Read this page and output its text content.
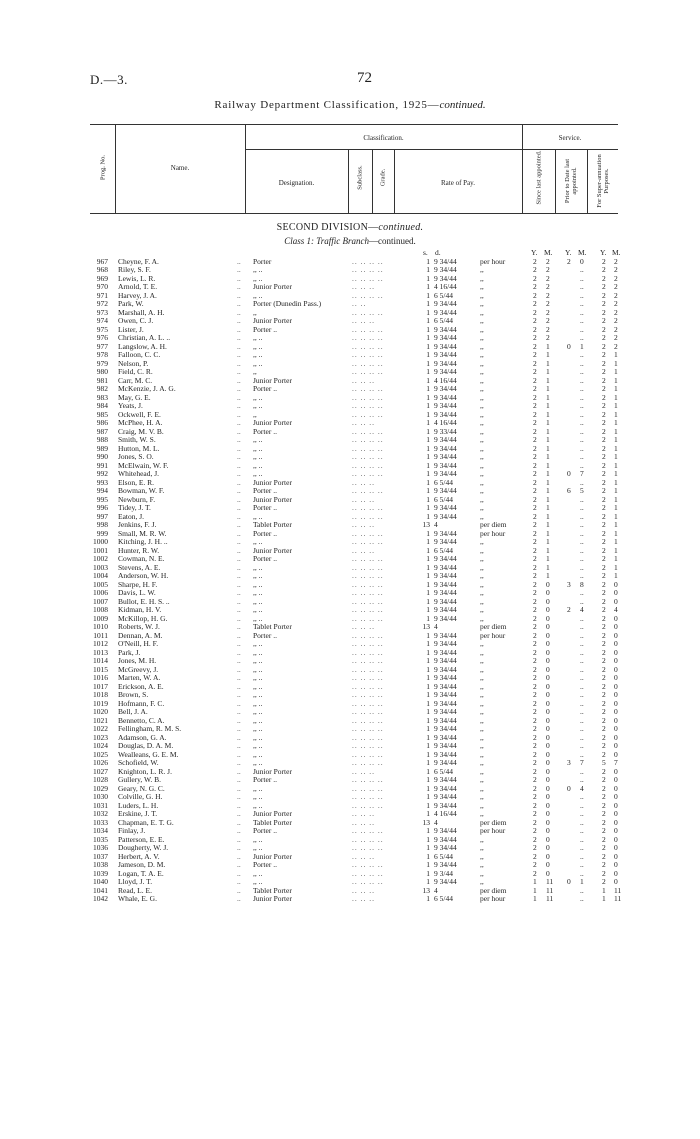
D.—3.	72
Railway Department Classification, 1925—continued.
Prog. No.	Name.
Classification.	Service.
Designation.	Subclass. Grade.	Rate of Pay.	Since last appointed.	Prior to Date last appointed.	For Super-annuation Purposes.
SECOND DIVISION—continued.
Class 1: Traffic Branch—continued.
s. d.	Y. M. Y. M. Y. M.
967 Cheyne, F. A.	.. Porter	.. .. .. ..	1 9 34/44	per hour	2 2 2 0 2 2
968 Riley, S. F.	.. ,, ..	.. .. .. ..	1 9 34/44	,,	2 2	.. 2 2
969 Lewis, L. R.	.. ,, ..	.. .. .. ..	1 9 34/44	,,	2 2	.. 2 2
970 Arnold, T. E.	.. Junior Porter	.. .. ..	1 4 16/44	,,	2 2	.. 2 2
971 Harvey, J. A.	.. ,, ..	.. .. .. ..	1 6 5/44	,,	2 2	.. 2 2
972 Park, W.	.. Porter (Dunedin Pass.)	.. ..	1 9 34/44	,,	2 2	.. 2 2
973 Marshall, A. H.	.. ,,	.. .. .. ..	1 9 34/44	,,	2 2	.. 2 2
974 Owen, C. J.	.. Junior Porter	.. .. ..	1 6 5/44	,,	2 2	.. 2 2
975 Lister, J.	.. Porter ..	.. .. .. ..	1 9 34/44	,,	2 2	.. 2 2
976 Christian, A. L. ..	.. ,, ..	.. .. .. ..	1 9 34/44	,,	2 2	.. 2 2
977 Langslow, A. H.	.. ,, ..	.. .. .. ..	1 9 34/44	,,	2 1 0 1 2 2
978 Falloon, C. C.	.. ,, ..	.. .. .. ..	1 9 34/44	,,	2 1	.. 2 1
979 Nelson, P.	.. ,, ..	.. .. .. ..	1 9 34/44	,,	2 1	.. 2 1
980 Field, C. R.	.. ,,	.. .. .. ..	1 9 34/44	,,	2 1	.. 2 1
981 Carr, M. C.	.. Junior Porter	.. .. ..	1 4 16/44	,,	2 1	.. 2 1
982 McKenzie, J. A. G.	.. Porter ..	.. .. .. ..	1 9 34/44	,,	2 1	.. 2 1
983 May, G. E.	.. ,, ..	.. .. .. ..	1 9 34/44	,,	2 1	.. 2 1
984 Yeats, J.	.. ,, ..	.. .. .. ..	1 9 34/44	,,	2 1	.. 2 1
985 Ockwell, F. E.	.. ,,	.. .. .. ..	1 9 34/44	,,	2 1	.. 2 1
986 McPhee, H. A.	.. Junior Porter	.. .. ..	1 4 16/44	,,	2 1	.. 2 1
987 Craig, M. V. B.	.. Porter ..	.. .. .. ..	1 9 33/44	,,	2 1	.. 2 1
988 Smith, W. S.	.. ,, ..	.. .. .. ..	1 9 34/44	,,	2 1	.. 2 1
989 Hutton, M. L.	.. ,, ..	.. .. .. ..	1 9 34/44	,,	2 1	.. 2 1
990 Jones, S. O.	.. ,, ..	.. .. .. ..	1 9 34/44	,,	2 1	.. 2 1
991 McElwain, W. F.	.. ,, ..	.. .. .. ..	1 9 34/44	,,	2 1	.. 2 1
992 Whitehead, J.	.. ,, ..	.. .. .. ..	1 9 34/44	,,	2 1 0 7 2 1
993 Elson, E. R.	.. Junior Porter	.. .. ..	1 6 5/44	,,	2 1	.. 2 1
994 Bowman, W. F.	.. Porter ..	.. .. .. ..	1 9 34/44	,,	2 1 6 5 2 1
995 Newburn, F.	.. Junior Porter	.. .. ..	1 6 5/44	,,	2 1	.. 2 1
996 Tidey, J. T.	.. Porter ..	.. .. .. ..	1 9 34/44	,,	2 1	.. 2 1
997 Eaton, J.	.. ,, ..	.. .. .. ..	1 9 34/44	,,	2 1	.. 2 1
998 Jenkins, F. J.	.. Tablet Porter	.. .. ..	13 4	per diem	2 1	.. 2 1
999 Small, M. R. W.	.. Porter ..	.. .. .. ..	1 9 34/44	per hour	2 1	.. 2 1
1000 Kitching, J. H. ..	.. ,, ..	.. .. .. ..	1 9 34/44	,,	2 1	.. 2 1
1001 Hunter, R. W.	.. Junior Porter	.. .. ..	1 6 5/44	,,	2 1	.. 2 1
1002 Cowman, N. E.	.. Porter ..	.. .. .. ..	1 9 34/44	,,	2 1	.. 2 1
1003 Stevens, A. E.	.. ,, ..	.. .. .. ..	1 9 34/44	,,	2 1	.. 2 1
1004 Anderson, W. H.	.. ,, ..	.. .. .. ..	1 9 34/44	,,	2 1	.. 2 1
1005 Sharpe, H. F.	.. ,, ..	.. .. .. ..	1 9 34/44	,,	2 0 3 8 2 0
1006 Davis, L. W.	.. ,, ..	.. .. .. ..	1 9 34/44	,,	2 0	.. 2 0
1007 Bullot, E. H. S. ..	.. ,, ..	.. .. .. ..	1 9 34/44	,,	2 0	.. 2 0
1008 Kidman, H. V.	.. ,, ..	.. .. .. ..	1 9 34/44	,,	2 0 2 4 2 4
1009 McKillop, H. G.	.. ,, ..	.. .. .. ..	1 9 34/44	,,	2 0	.. 2 0
1010 Roberts, W. J.	.. Tablet Porter	.. .. ..	13 4	per diem	2 0	.. 2 0
1011 Dennan, A. M.	.. Porter ..	.. .. .. ..	1 9 34/44	per hour	2 0	.. 2 0
1012 O'Neill, H. F.	.. ,, ..	.. .. .. ..	1 9 34/44	,,	2 0	.. 2 0
1013 Park, J.	.. ,, ..	.. .. .. ..	1 9 34/44	,,	2 0	.. 2 0
1014 Jones, M. H.	.. ,, ..	.. .. .. ..	1 9 34/44	,,	2 0	.. 2 0
1015 McGreevy, J.	.. ,, ..	.. .. .. ..	1 9 34/44	,,	2 0	.. 2 0
1016 Marten, W. A.	.. ,, ..	.. .. .. ..	1 9 34/44	,,	2 0	.. 2 0
1017 Erickson, A. E.	.. ,, ..	.. .. .. ..	1 9 34/44	,,	2 0	.. 2 0
1018 Brown, S.	.. ,, ..	.. .. .. ..	1 9 34/44	,,	2 0	.. 2 0
1019 Hofmann, F. C.	.. ,, ..	.. .. .. ..	1 9 34/44	,,	2 0	.. 2 0
1020 Bell, J. A.	.. ,, ..	.. .. .. ..	1 9 34/44	,,	2 0	.. 2 0
1021 Bennetto, C. A.	.. ,, ..	.. .. .. ..	1 9 34/44	,,	2 0	.. 2 0
1022 Fellingham, R. M. S.	.. ,, ..	.. .. .. ..	1 9 34/44	,,	2 0	.. 2 0
1023 Adamson, G. A.	.. ,, ..	.. .. .. ..	1 9 34/44	,,	2 0	.. 2 0
1024 Douglas, D. A. M.	.. ,, ..	.. .. .. ..	1 9 34/44	,,	2 0	.. 2 0
1025 Wealleans, G. E. M.	.. ,, ..	.. .. .. ..	1 9 34/44	,,	2 0	.. 2 0
1026 Schofield, W.	.. ,, ..	.. .. .. ..	1 9 34/44	,,	2 0 3 7 5 7
1027 Knighton, L. R. J.	.. Junior Porter	.. .. ..	1 6 5/44	,,	2 0	.. 2 0
1028 Gullery, W. B.	.. Porter ..	.. .. .. ..	1 9 34/44	,,	2 0	.. 2 0
1029 Geary, N. G. C.	.. ,, ..	.. .. .. ..	1 9 34/44	,,	2 0 0 4 2 0
1030 Colville, G. H.	.. ,, ..	.. .. .. ..	1 9 34/44	,,	2 0	.. 2 0
1031 Luders, L. H.	.. ,, ..	.. .. .. ..	1 9 34/44	,,	2 0	.. 2 0
1032 Erskine, J. T.	.. Junior Porter	.. .. ..	1 4 16/44	,,	2 0	.. 2 0
1033 Chapman, E. T. G.	.. Tablet Porter	.. .. ..	13 4	per diem	2 0	.. 2 0
1034 Finlay, J.	.. Porter ..	.. .. .. ..	1 9 34/44	per hour	2 0	.. 2 0
1035 Patterson, E. E.	.. ,, ..	.. .. .. ..	1 9 34/44	,,	2 0	.. 2 0
1036 Dougherty, W. J.	.. ,, ..	.. .. .. ..	1 9 34/44	,,	2 0	.. 2 0
1037 Herbert, A. V.	.. Junior Porter	.. .. ..	1 6 5/44	,,	2 0	.. 2 0
1038 Jameson, D. M.	.. Porter ..	.. .. .. ..	1 9 34/44	,,	2 0	.. 2 0
1039 Logan, T. A. E.	.. ,, ..	.. .. .. ..	1 9 3/44	,,	2 0	.. 2 0
1040 Lloyd, J. T.	.. ,, ..	.. .. .. ..	1 9 34/44	,,	1 11 0 1 2 0
1041 Read, L. E.	.. Tablet Porter	.. .. ..	13 4	per diem	1 11	.. 1 11
1042 Whale, E. G.	.. Junior Porter	.. .. ..	1 6 5/44	per hour	1 11	.. 1 11
